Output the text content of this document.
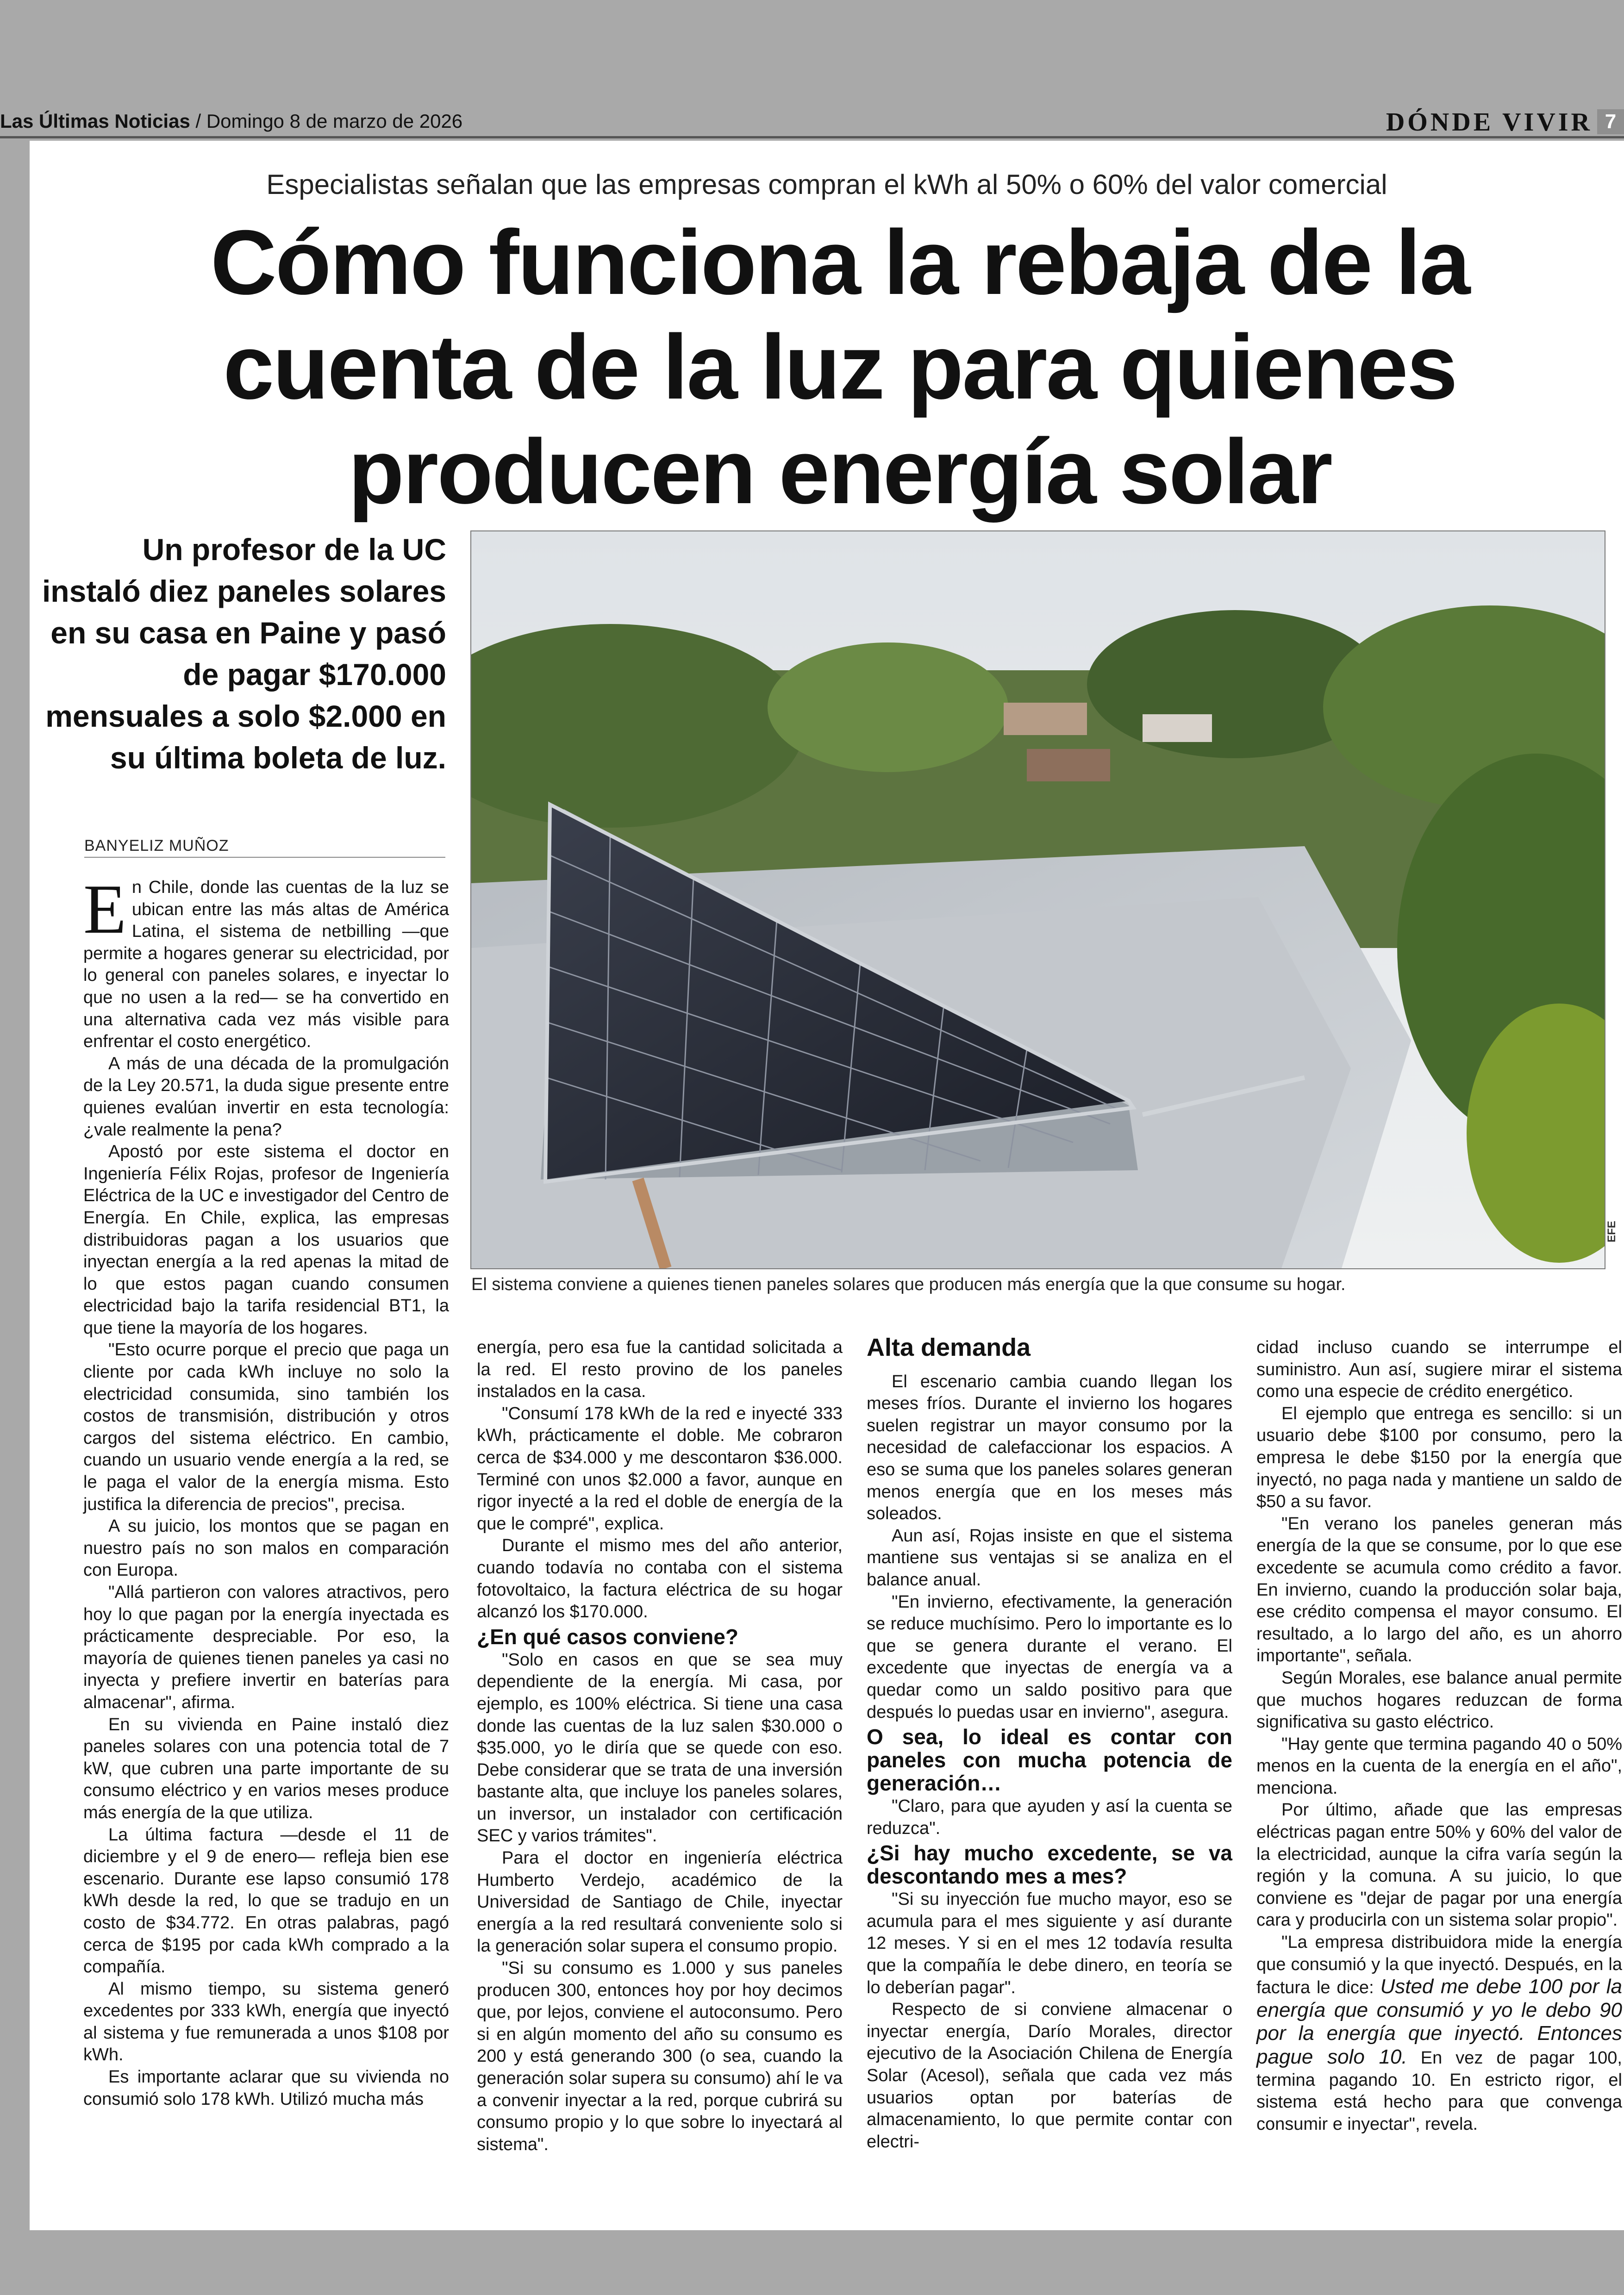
Las Últimas Noticias / Domingo 8 de marzo de 2026	DÓNDE VIVIR 7
Especialistas señalan que las empresas compran el kWh al 50% o 60% del valor comercial
Cómo funciona la rebaja de la cuenta de la luz para quienes producen energía solar
Un profesor de la UC instaló diez paneles solares en su casa en Paine y pasó de pagar $170.000 mensuales a solo $2.000 en su última boleta de luz.
BANYELIZ MUÑOZ
El sistema conviene a quienes tienen paneles solares que producen más energía que la que consume su hogar.
EFE

En Chile, donde las cuentas de la luz se ubican entre las más altas de América Latina, el sistema de netbilling —que permite a hogares generar su electricidad, por lo general con paneles solares, e inyectar lo que no usen a la red— se ha convertido en una alternativa cada vez más visible para enfrentar el costo energético.

A más de una década de la promulgación de la Ley 20.571, la duda sigue presente entre quienes evalúan invertir en esta tecnología: ¿vale realmente la pena?

Apostó por este sistema el doctor en Ingeniería Félix Rojas, profesor de Ingeniería Eléctrica de la UC e investigador del Centro de Energía. En Chile, explica, las empresas distribuidoras pagan a los usuarios que inyectan energía a la red apenas la mitad de lo que estos pagan cuando consumen electricidad bajo la tarifa residencial BT1, la que tiene la mayoría de los hogares.

"Esto ocurre porque el precio que paga un cliente por cada kWh incluye no solo la electricidad consumida, sino también los costos de transmisión, distribución y otros cargos del sistema eléctrico. En cambio, cuando un usuario vende energía a la red, se le paga el valor de la energía misma. Esto justifica la diferencia de precios", precisa.

A su juicio, los montos que se pagan en nuestro país no son malos en comparación con Europa.

"Allá partieron con valores atractivos, pero hoy lo que pagan por la energía inyectada es prácticamente despreciable. Por eso, la mayoría de quienes tienen paneles ya casi no inyecta y prefiere invertir en baterías para almacenar", afirma.

En su vivienda en Paine instaló diez paneles solares con una potencia total de 7 kW, que cubren una parte importante de su consumo eléctrico y en varios meses produce más energía de la que utiliza.

La última factura —desde el 11 de diciembre y el 9 de enero— refleja bien ese escenario. Durante ese lapso consumió 178 kWh desde la red, lo que se tradujo en un costo de $34.772. En otras palabras, pagó cerca de $195 por cada kWh comprado a la compañía.

Al mismo tiempo, su sistema generó excedentes por 333 kWh, energía que inyectó al sistema y fue remunerada a unos $108 por kWh.

Es importante aclarar que su vivienda no consumió solo 178 kWh. Utilizó mucha más

energía, pero esa fue la cantidad solicitada a la red. El resto provino de los paneles instalados en la casa.

"Consumí 178 kWh de la red e inyecté 333 kWh, prácticamente el doble. Me cobraron cerca de $34.000 y me descontaron $36.000. Terminé con unos $2.000 a favor, aunque en rigor inyecté a la red el doble de energía de la que le compré", explica.

Durante el mismo mes del año anterior, cuando todavía no contaba con el sistema fotovoltaico, la factura eléctrica de su hogar alcanzó los $170.000.

¿En qué casos conviene?

"Solo en casos en que se sea muy dependiente de la energía. Mi casa, por ejemplo, es 100% eléctrica. Si tiene una casa donde las cuentas de la luz salen $30.000 o $35.000, yo le diría que se quede con eso. Debe considerar que se trata de una inversión bastante alta, que incluye los paneles solares, un inversor, un instalador con certificación SEC y varios trámites".

Para el doctor en ingeniería eléctrica Humberto Verdejo, académico de la Universidad de Santiago de Chile, inyectar energía a la red resultará conveniente solo si la generación solar supera el consumo propio.

"Si su consumo es 1.000 y sus paneles producen 300, entonces hoy por hoy decimos que, por lejos, conviene el autoconsumo. Pero si en algún momento del año su consumo es 200 y está generando 300 (o sea, cuando la generación solar supera su consumo) ahí le va a convenir inyectar a la red, porque cubrirá su consumo propio y lo que sobre lo inyectará al sistema".

Alta demanda

El escenario cambia cuando llegan los meses fríos. Durante el invierno los hogares suelen registrar un mayor consumo por la necesidad de calefaccionar los espacios. A eso se suma que los paneles solares generan menos energía que en los meses más soleados.

Aun así, Rojas insiste en que el sistema mantiene sus ventajas si se analiza en el balance anual.

"En invierno, efectivamente, la generación se reduce muchísimo. Pero lo importante es lo que se genera durante el verano. El excedente que inyectas de energía va a quedar como un saldo positivo para que después lo puedas usar en invierno", asegura.

O sea, lo ideal es contar con paneles con mucha potencia de generación…

"Claro, para que ayuden y así la cuenta se reduzca".

¿Si hay mucho excedente, se va descontando mes a mes?

"Si su inyección fue mucho mayor, eso se acumula para el mes siguiente y así durante 12 meses. Y si en el mes 12 todavía resulta que la compañía le debe dinero, en teoría se lo deberían pagar".

Respecto de si conviene almacenar o inyectar energía, Darío Morales, director ejecutivo de la Asociación Chilena de Energía Solar (Acesol), señala que cada vez más usuarios optan por baterías de almacenamiento, lo que permite contar con electri-

cidad incluso cuando se interrumpe el suministro. Aun así, sugiere mirar el sistema como una especie de crédito energético.

El ejemplo que entrega es sencillo: si un usuario debe $100 por consumo, pero la empresa le debe $150 por la energía que inyectó, no paga nada y mantiene un saldo de $50 a su favor.

"En verano los paneles generan más energía de la que se consume, por lo que ese excedente se acumula como crédito a favor. En invierno, cuando la producción solar baja, ese crédito compensa el mayor consumo. El resultado, a lo largo del año, es un ahorro importante", señala.

Según Morales, ese balance anual permite que muchos hogares reduzcan de forma significativa su gasto eléctrico.

"Hay gente que termina pagando 40 o 50% menos en la cuenta de la energía en el año", menciona.

Por último, añade que las empresas eléctricas pagan entre 50% y 60% del valor de la electricidad, aunque la cifra varía según la región y la comuna. A su juicio, lo que conviene es "dejar de pagar por una energía cara y producirla con un sistema solar propio".

"La empresa distribuidora mide la energía que consumió y la que inyectó. Después, en la factura le dice: Usted me debe 100 por la energía que consumió y yo le debo 90 por la energía que inyectó. Entonces pague solo 10. En vez de pagar 100, termina pagando 10. En estricto rigor, el sistema está hecho para que convenga consumir e inyectar", revela.
